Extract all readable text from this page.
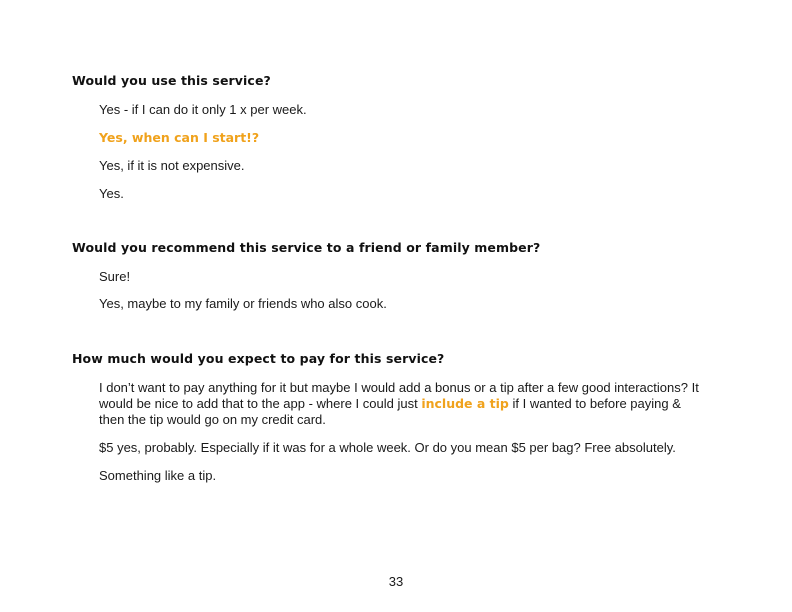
Would you use this service?

Yes - if I can do it only 1 x per week.
Yes, when can I start!?
Yes, if it is not expensive.
Yes.

Would you recommend this service to a friend or family member?

Sure!
Yes, maybe to my family or friends who also cook.

How much would you expect to pay for this service?

I don’t want to pay anything for it but maybe I would add a bonus or a tip after a few good interactions? It would be nice to add that to the app - where I could just include a tip if I wanted to before paying & then the tip would go on my credit card.
$5 yes, probably. Especially if it was for a whole week. Or do you mean $5 per bag? Free absolutely.
Something like a tip.
33
